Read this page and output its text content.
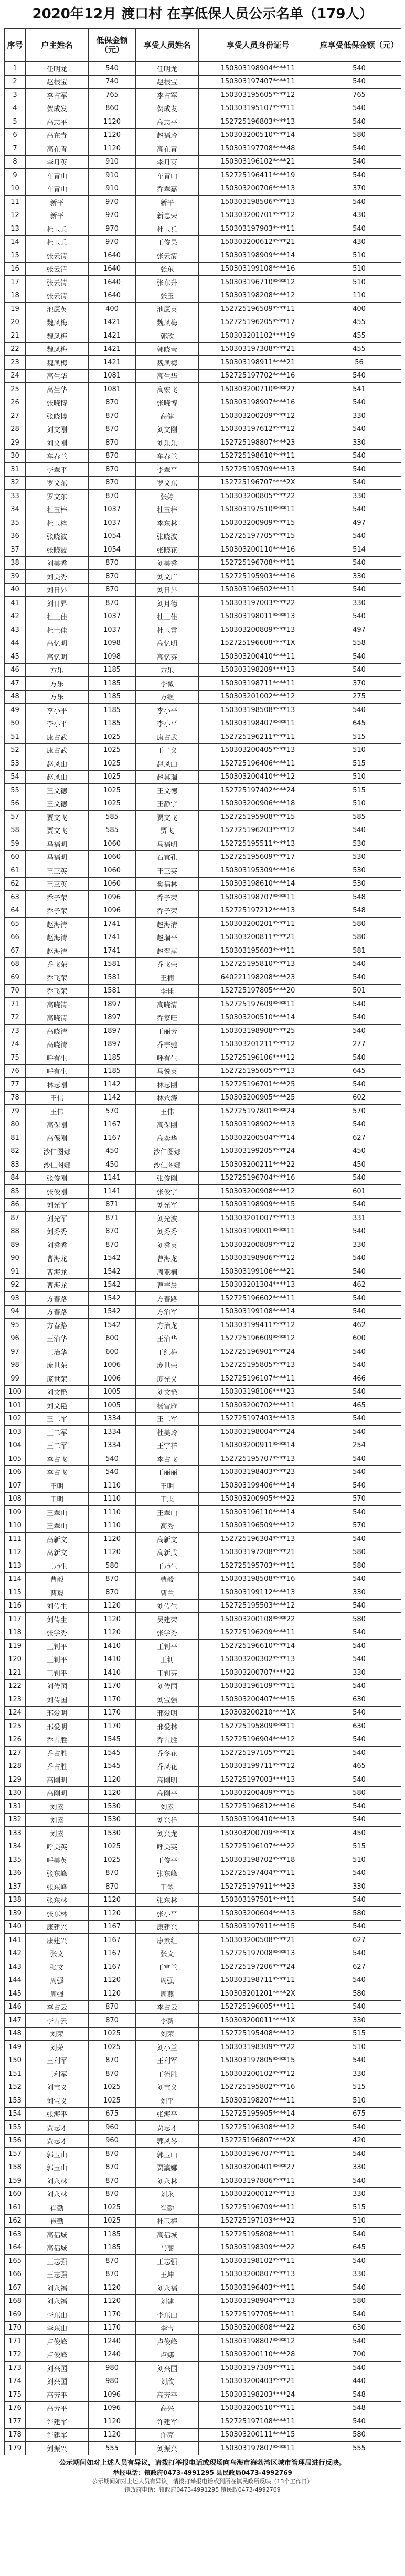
2020年12月 渡口村 在享低保人员公示名单（179人）
序号	户主姓名	低保金额（元）	享受人员姓名	享受人员身份证号	应享受低保金额（元）
1	任明龙	540	任明龙	150303198904****11	540
2	赵根宝	740	赵根宝	150303197407****11	540
3	李占军	765	李占军	150303195605****12	765
4	贺成发	860	贺成发	150303195107****11	540
5	高志平	1120	高志平	152725196803****13	540
6	高在青	1120	赵福玲	150303200510****14	580
7	高在青	1120	高在青	150303197708****48	540
8	李月英	910	李月英	150303196102****21	540
9	车青山	910	车青山	152725196411****19	540
10	车青山	910	乔翠嘉	150303200706****13	370
11	新平	970	新平	150303198506****13	540
12	新平	970	新忠荣	150303200701****12	430
13	杜玉兵	970	杜玉兵	150303197903****11	540
14	杜玉兵	970	王俊果	150303200612****21	430
15	张云清	1640	张云清	150303198909****14	510
16	张云清	1640	张东	150303199108****16	510
17	张云清	1640	张东升	150303196710****12	510
18	张云清	1640	张玉	150303198208****12	110
19	池愿英	400	池愿英	152725196509****11	400
20	魏凤梅	1421	魏凤梅	152725196205****17	455
21	魏凤梅	1421	郭欣	150303201102****19	455
22	魏凤梅	1421	郭晓莹	150303197308****21	455
23	魏凤梅	1421	魏凤梅	150303198911****21	56
24	高生华	1081	高生华	152725197702****16	540
25	高生华	1081	高宏飞	150303200710****27	541
26	张晓博	870	张晓博	150303198907****16	540
27	张晓博	870	高健	150303200209****12	330
28	刘文刚	870	刘文刚	150303197612****12	540
29	刘文刚	870	刘乐乐	152725198807****23	330
30	车春兰	870	车春兰	152725198610****11	540
31	李翠平	870	李翠平	152725195709****13	540
32	罗文东	870	罗文东	152725196707****2X	540
33	罗文东	870	张婷	150303200805****22	330
34	杜玉梓	1037	杜玉梓	150303197510****11	540
35	杜玉梓	1037	李东林	150303200909****15	497
36	张晓波	1054	张晓波	152725197705****15	540
37	张晓波	1054	张晓花	150303200110****16	514
38	刘美秀	870	刘美秀	152725196708****11	540
39	刘美秀	870	刘文广	152725195903****16	330
40	刘日昇	870	刘日昇	150303196502****11	540
41	刘日昇	870	刘月德	150303197003****22	330
42	杜土佳	1037	杜土佳	150303198011****13	540
43	杜土佳	1037	杜玉霄	150303200809****13	497
44	高忆明	1098	高忆明	152725196608****1X	558
45	高忆明	1098	高忆芬	150303200410****11	540
46	方乐	1185	方乐	150303198209****13	540
47	方乐	1185	李微	150303198711****11	370
48	方乐	1185	方继	150303201002****12	275
49	李小平	1185	李小平	150303198508****13	540
50	李小平	1185	李小平	150303198407****11	645
51	康占武	1025	康占武	152725196211****11	515
52	康占武	1025	王子义	150303200405****13	510
53	赵风山	1025	赵风山	152725196406****11	515
54	赵风山	1025	赵其瑞	150303200410****12	510
55	王文德	1025	王文德	152725197402****24	515
56	王文德	1025	王静宇	150303200906****18	510
57	贾文飞	585	贾文飞	152725195908****15	585
58	贾文飞	585	贾飞	152725196203****12	540
59	马福明	1060	马福明	152725195511****13	530
60	马福明	1060	石宜孔	152725195609****17	530
61	王三英	1060	王三英	150303195309****16	530
62	王三英	1060	樊福林	150303198610****14	530
63	乔子荣	1096	乔子荣	150303198707****11	548
64	乔子荣	1096	乔子荣	152725197212****13	548
65	赵海清	1741	赵海清	150303200201****11	580
66	赵海清	1741	赵瑞平	150303200811****21	580
67	赵海清	1741	赵翠萍	150303195603****11	581
68	乔飞荣	1581	乔飞荣	152725195810****13	540
69	乔飞荣	1581	王楠	640221198208****23	540
70	乔飞荣	1581	李佳	152725197805****20	501
71	高晓清	1897	高晓清	152725197609****11	540
72	高晓清	1897	乔家旺	150303200510****14	540
73	高晓清	1897	王丽芳	150303198908****25	540
74	高晓清	1897	乔宇驰	150303201211****12	277
75	呼有生	1185	呼有生	152725196106****12	540
76	呼有生	1185	马悦英	152725195605****13	645
77	林志刚	1142	林志刚	152725196701****25	540
78	王伟	1142	林永涛	150303200905****25	602
79	王伟	570	王伟	152725197801****24	570
80	高保刚	1167	高保刚	150303198902****13	540
81	高保刚	1167	高奕华	150303200504****14	627
82	沙仁图娜	450	沙仁图娜	150303199205****24	450
83	沙仁图娜	450	沙仁图娜	150303200211****22	450
84	张俊刚	1141	张俊刚	152725196704****16	540
85	张俊刚	1141	张俊宇	150303200908****12	601
86	刘光军	871	刘光军	150303198909****15	540
87	刘光军	871	刘光波	150303201007****13	331
88	刘秀秀	870	刘秀秀	150303199001****11	540
89	刘秀秀	870	刘秀英	150303200809****12	330
90	曹海龙	1542	曹海龙	150303198906****12	540
91	曹海龙	1542	周亚楠	150303199106****21	540
92	曹海龙	1542	曹宇晨	150303201304****13	462
93	方春路	1542	方春路	152725196602****11	540
94	方春路	1542	方治军	150303199108****14	540
95	方春路	1542	方治龙	150303199411****12	462
96	王治华	600	王治华	152725196609****12	600
97	王治华	600	王红梅	152725196901****24	540
98	庞世荣	1006	庞世荣	152725195805****13	540
99	庞世荣	1006	庞光义	152725196107****11	466
100	刘文艳	1005	刘文艳	150303198106****23	540
101	刘文艳	1005	杨雪雁	150303200702****11	465
102	王二军	1334	王二军	152725197403****13	540
103	王二军	1334	杜美玲	150303198004****24	540
104	王二军	1334	王宇祥	150303200911****14	254
105	李占飞	540	李占飞	152725195707****13	540
106	李占飞	540	王丽丽	150303198403****23	540
107	王明	1110	王明	150303199406****14	540
108	王明	1110	王志	150303200905****22	570
109	王翠山	1110	王翠山	150303196110****14	540
110	王翠山	1110	高秀	150303196509****12	570
111	高新文	1120	高新文	152725196304****13	540
112	高新文	1120	高新武	150303197208****21	580
113	王乃生	580	王乃生	152725195703****11	580
114	曹毅	870	曹毅	150303198508****16	540
115	曹毅	870	曹兰	150303199112****13	330
116	刘传生	1120	刘传生	152725195503****12	540
117	刘传生	1120	吴建荣	150303200108****22	580
118	张学秀	1120	张学秀	152725196209****11	540
119	王钊平	1410	王钊平	152725196610****14	540
120	王钊平	1410	王钊	150303200302****13	540
121	王钊平	1410	王钊芬	150303200707****22	330
122	刘传国	1170	刘传国	150303196109****11	540
123	刘传国	1170	刘宝强	150303200407****15	630
124	邢爱明	1170	邢爱明	150303200210****1X	540
125	邢爱明	1170	邢爱林	152725195809****11	630
126	乔占胜	1545	乔占胜	152725196904****12	540
127	乔占胜	1545	乔冬花	152725197105****21	540
128	乔占胜	1545	乔凤花	150303199711****12	465
129	高刚明	1120	高刚明	152725197003****13	540
130	高刚明	1120	高刚平	150303200409****15	580
131	刘素	1530	刘素	152725196812****16	540
132	刘素	1530	刘兴祥	150303199410****13	540
133	刘素	1530	刘兴龙	150303200709****1X	450
134	呼美英	1025	呼美英	152725196107****22	515
135	呼美英	1025	王俊平	150303198702****18	510
136	张东峰	870	张东峰	152725197404****11	540
137	张东峰	870	王翠	152725197911****23	330
138	张东林	1120	张东林	150303197501****11	540
139	张东林	1120	张小平	150303200604****13	580
140	康建兴	1167	康建兴	150303197911****15	540
141	康建兴	1167	康素红	150303200508****21	627
142	张文	1167	张文	152725197008****13	540
143	张文	1167	王富兰	152725197206****24	627
144	周强	1120	周强	150303198711****11	540
145	周强	1120	周燕	150303201201****2X	580
146	李占云	870	李占云	152725196005****11	540
147	李占云	870	李新	150303200011****1X	330
148	刘荣	1025	刘荣	152725195408****12	515
149	刘荣	1025	刘小兰	150303198309****22	510
150	王利军	870	王利军	150303197805****15	540
151	王利军	870	王德胜	150303200102****12	330
152	刘宝义	1025	刘宝义	152725195802****16	515
153	刘宝义	1025	刘平	150303198207****11	510
154	张海平	675	张海平	152725195905****14	675
155	贾志才	960	贾志才	152725196308****12	540
156	贾志才	960	郭风琴	152725196807****2X	420
157	郭玉山	870	郭玉山	150303196707****11	540
158	郭玉山	870	贾瀛娜	150303200401****27	330
159	刘永林	870	刘永林	150303197806****11	540
160	刘永林	870	刘永	150303200012****13	330
161	崔勤	1025	崔勤	152725196709****11	515
162	崔勤	1025	杜玉梅	152725197103****22	510
163	高福城	1185	高福城	152725195808****11	540
164	高福城	1185	马丽	150303198309****22	645
165	王志强	870	王志强	150303198102****11	540
166	王志强	870	王坤	150303200807****13	330
167	刘永福	1120	刘永福	150303196403****11	540
168	刘永福	1120	刘建	150303198904****13	580
169	李东山	1170	李东山	152725197705****11	540
170	李东山	1170	李雪	150303200808****22	630
171	卢俊峰	1240	卢俊峰	150303198807****12	540
172	卢俊峰	1240	卢娜	150303200110****28	700
173	刘兴国	980	刘兴国	150303197309****11	540
174	刘兴国	980	刘欣	150303200403****21	440
175	高芳平	1096	高芳平	150303198203****24	548
176	高芳平	1096	高兴	150303200510****11	548
177	许建军	1120	许建军	152725197108****11	540
178	许建军	1120	许亮	150303200111****15	580
179	刘振兴	555	刘振兴	150303197807****11	555
公示期间如对上述人员有异议，请拨打举报电话或现场向乌海市海勃湾区城市管理局进行反映。
举报电话：镇政府0473-4991295 县民政局0473-4992769
公示期间如对上述人员有异议，请拨打举报电话或到所在镇民政所反映（13个工作日）
镇政府电话：镇政府0473-4991295 镇民政0473-4992769
